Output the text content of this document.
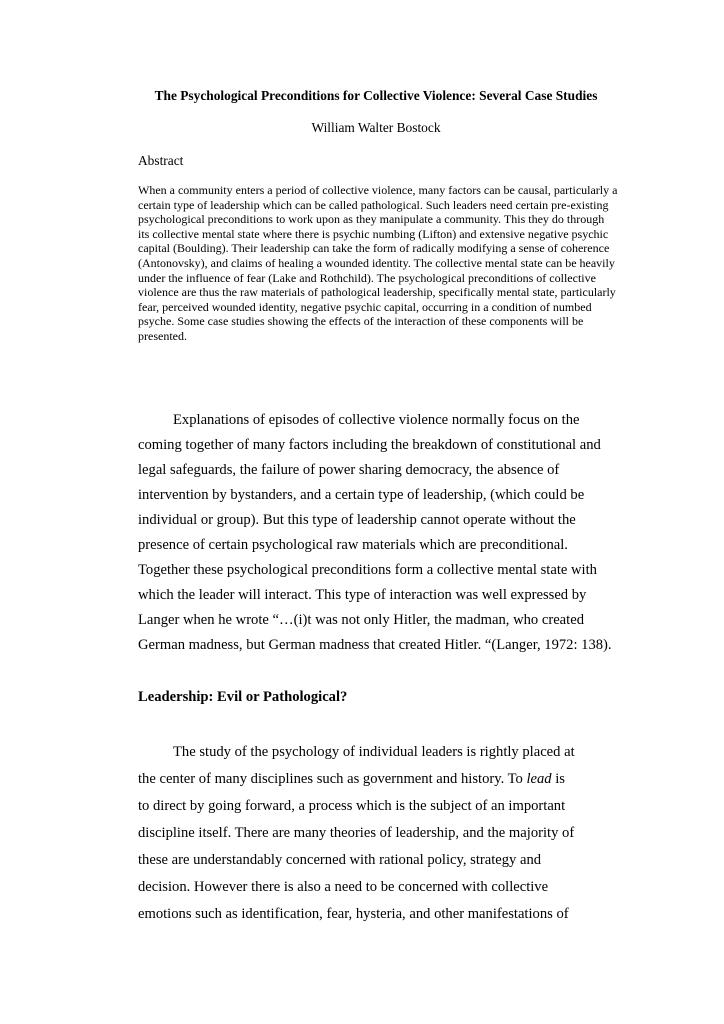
The Psychological Preconditions for Collective Violence: Several Case Studies
William Walter Bostock
Abstract
When a community enters a period of collective violence, many factors can be causal, particularly a certain type of leadership which can be called pathological. Such leaders need certain pre-existing psychological preconditions to work upon as they manipulate a community. This they do through its collective mental state where there is psychic numbing (Lifton) and extensive negative psychic capital (Boulding). Their leadership can take the form of radically modifying a sense of coherence (Antonovsky), and claims of healing a wounded identity. The collective mental state can be heavily under the influence of fear (Lake and Rothchild). The psychological preconditions of collective violence are thus the raw materials of pathological leadership, specifically mental state, particularly fear, perceived wounded identity, negative psychic capital, occurring in a condition of numbed psyche. Some case studies showing the effects of the interaction of these components will be presented.
Explanations of episodes of collective violence normally focus on the
coming together of many factors including the breakdown of constitutional and
legal safeguards, the failure of power sharing democracy, the absence of
intervention by bystanders, and a certain type of leadership, (which could be
individual or group). But this type of leadership cannot operate without the
presence of certain psychological raw materials which are preconditional.
Together these psychological preconditions form a collective mental state with
which the leader will interact. This type of interaction was well expressed by
Langer when he wrote “…(i)t was not only Hitler, the madman, who created
German madness, but German madness that created Hitler. “(Langer, 1972: 138).
Leadership: Evil or Pathological?
The study of the psychology of individual leaders is rightly placed at
the center of many disciplines such as government and history. To lead is
to direct by going forward, a process which is the subject of an important
discipline itself. There are many theories of leadership, and the majority of
these are understandably concerned with rational policy, strategy and
decision. However there is also a need to be concerned with collective
emotions such as identification, fear, hysteria, and other manifestations of
